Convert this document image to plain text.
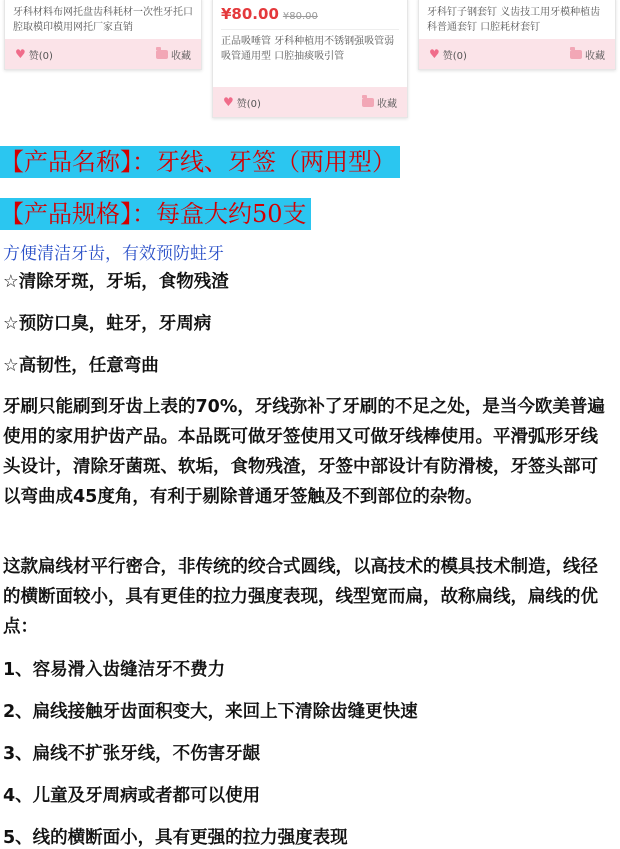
牙科材料布网托盘齿科耗材一次性牙托口腔取模印模用网托厂家直销
♥ 赞(0)	收藏
¥80.00 ¥80.00
正品吸唾管 牙科种植用不锈钢强吸管弱吸管通用型 口腔抽痰吸引管
♥ 赞(0)	收藏
牙科钉子钢套钉 义齿技工用牙模种植齿科普通套钉 口腔耗材套钉
♥ 赞(0)	收藏
【产品名称】：牙线、牙签（两用型）
【产品规格】：每盒大约50支
方便清洁牙齿，有效预防蛀牙
☆清除牙斑，牙垢，食物残渣
☆预防口臭，蛀牙，牙周病
☆高韧性，任意弯曲
牙刷只能刷到牙齿上表的70%，牙线弥补了牙刷的不足之处，是当今欧美普遍使用的家用护齿产品。本品既可做牙签使用又可做牙线棒使用。平滑弧形牙线头设计，清除牙菌斑、软垢，食物残渣，牙签中部设计有防滑棱，牙签头部可以弯曲成45度角，有利于剔除普通牙签触及不到部位的杂物。
这款扁线材平行密合，非传统的绞合式圆线，以高技术的模具技术制造，线径的横断面较小，具有更佳的拉力强度表现，线型宽而扁，故称扁线，扁线的优点：
1、容易滑入齿缝洁牙不费力
2、扁线接触牙齿面积变大，来回上下清除齿缝更快速
3、扁线不扩张牙线，不伤害牙龈
4、儿童及牙周病或者都可以使用
5、线的横断面小，具有更强的拉力强度表现
